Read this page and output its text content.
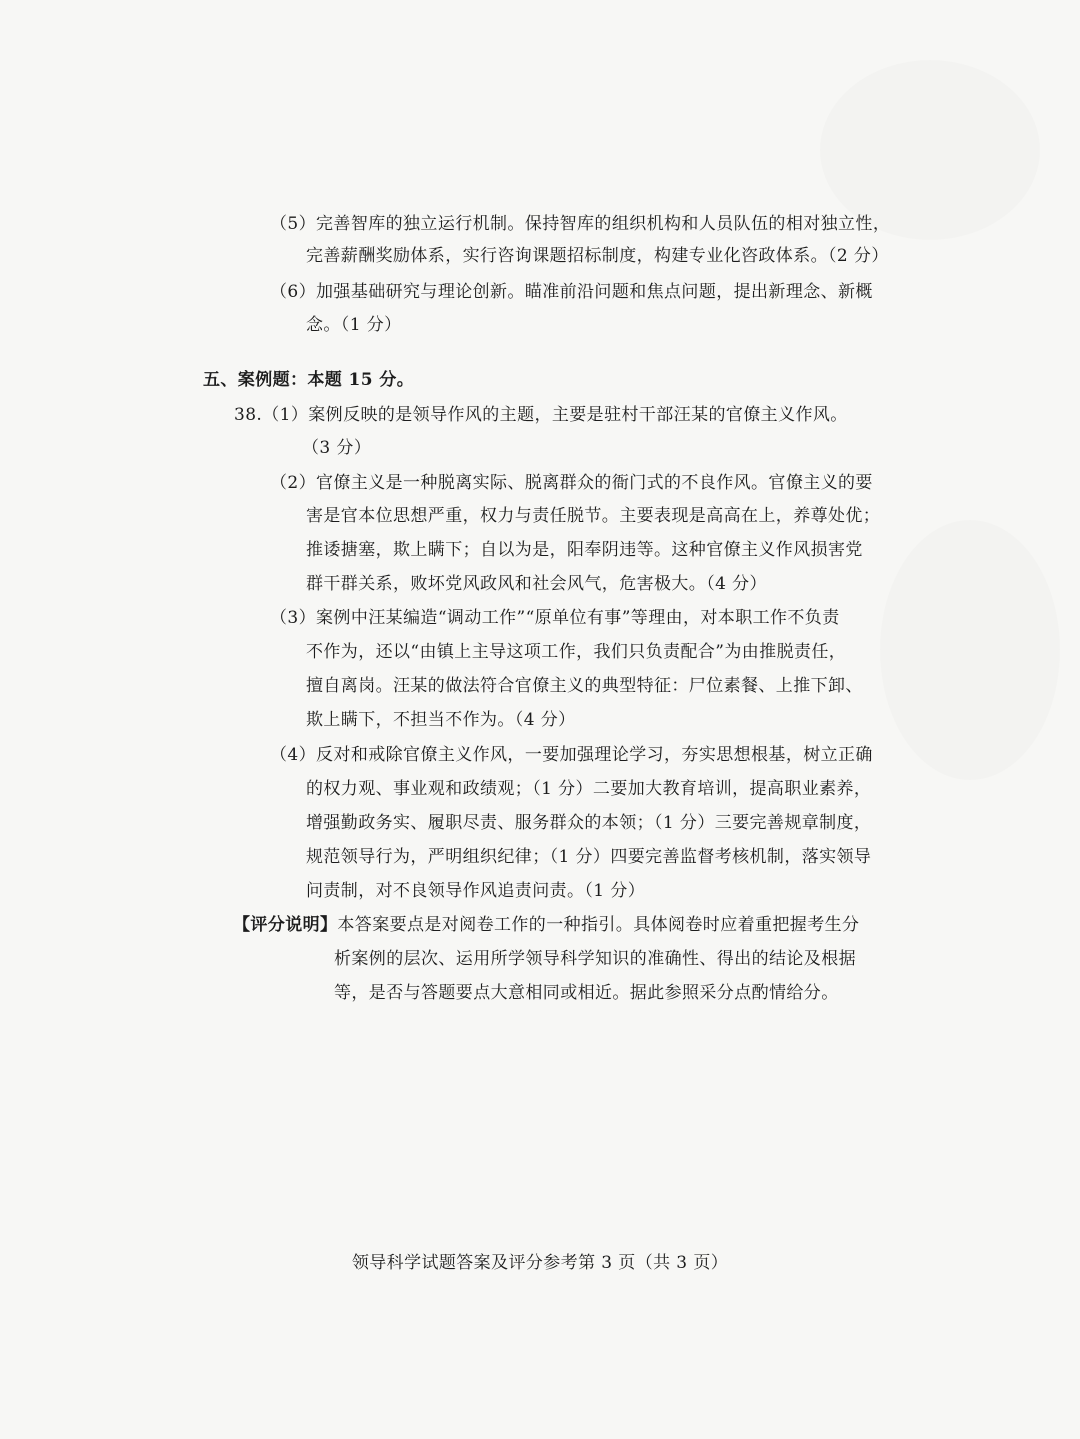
（5）完善智库的独立运行机制。保持智库的组织机构和人员队伍的相对独立性，
完善薪酬奖励体系，实行咨询课题招标制度，构建专业化咨政体系。（2 分）
（6）加强基础研究与理论创新。瞄准前沿问题和焦点问题，提出新理念、新概
念。（1 分）
五、案例题：本题 15 分。
38.（1）案例反映的是领导作风的主题，主要是驻村干部汪某的官僚主义作风。
（3 分）
（2）官僚主义是一种脱离实际、脱离群众的衙门式的不良作风。官僚主义的要
害是官本位思想严重，权力与责任脱节。主要表现是高高在上，养尊处优；
推诿搪塞，欺上瞒下；自以为是，阳奉阴违等。这种官僚主义作风损害党
群干群关系，败坏党风政风和社会风气，危害极大。（4 分）
（3）案例中汪某编造“调动工作”“原单位有事”等理由，对本职工作不负责
不作为，还以“由镇上主导这项工作，我们只负责配合”为由推脱责任，
擅自离岗。汪某的做法符合官僚主义的典型特征：尸位素餐、上推下卸、
欺上瞒下，不担当不作为。（4 分）
（4）反对和戒除官僚主义作风，一要加强理论学习，夯实思想根基，树立正确
的权力观、事业观和政绩观；（1 分）二要加大教育培训，提高职业素养，
增强勤政务实、履职尽责、服务群众的本领；（1 分）三要完善规章制度，
规范领导行为，严明组织纪律；（1 分）四要完善监督考核机制，落实领导
问责制，对不良领导作风追责问责。（1 分）
【评分说明】本答案要点是对阅卷工作的一种指引。具体阅卷时应着重把握考生分
析案例的层次、运用所学领导科学知识的准确性、得出的结论及根据
等，是否与答题要点大意相同或相近。据此参照采分点酌情给分。
领导科学试题答案及评分参考第 3 页（共 3 页）
